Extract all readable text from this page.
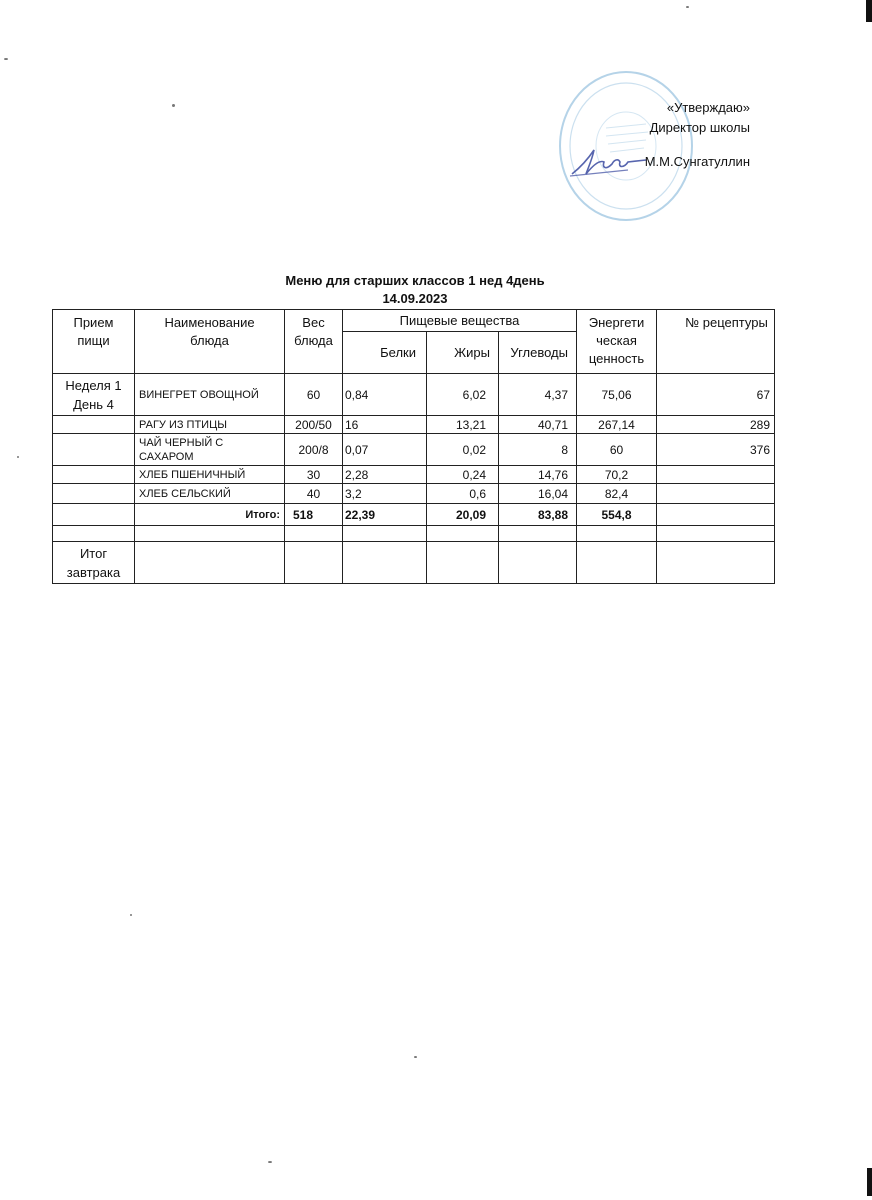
«Утверждаю»
Директор школы
М.М.Сунгатуллин
Меню для старших классов 1 нед 4день
14.09.2023
Прием пищи	Наименование блюда	Вес блюда	Пищевые вещества			Энергети ческая ценность	№ рецептуры
			Белки	Жиры	Углеводы		
Неделя 1 День 4	ВИНЕГРЕТ ОВОЩНОЙ	60	0,84	6,02	4,37	75,06	67
	РАГУ ИЗ ПТИЦЫ	200/50	16	13,21	40,71	267,14	289
	ЧАЙ ЧЕРНЫЙ С САХАРОМ	200/8	0,07	0,02	8	60	376
	ХЛЕБ ПШЕНИЧНЫЙ	30	2,28	0,24	14,76	70,2	
	ХЛЕБ СЕЛЬСКИЙ	40	3,2	0,6	16,04	82,4	
	Итого:	518	22,39	20,09	83,88	554,8	

Итог завтрака							
